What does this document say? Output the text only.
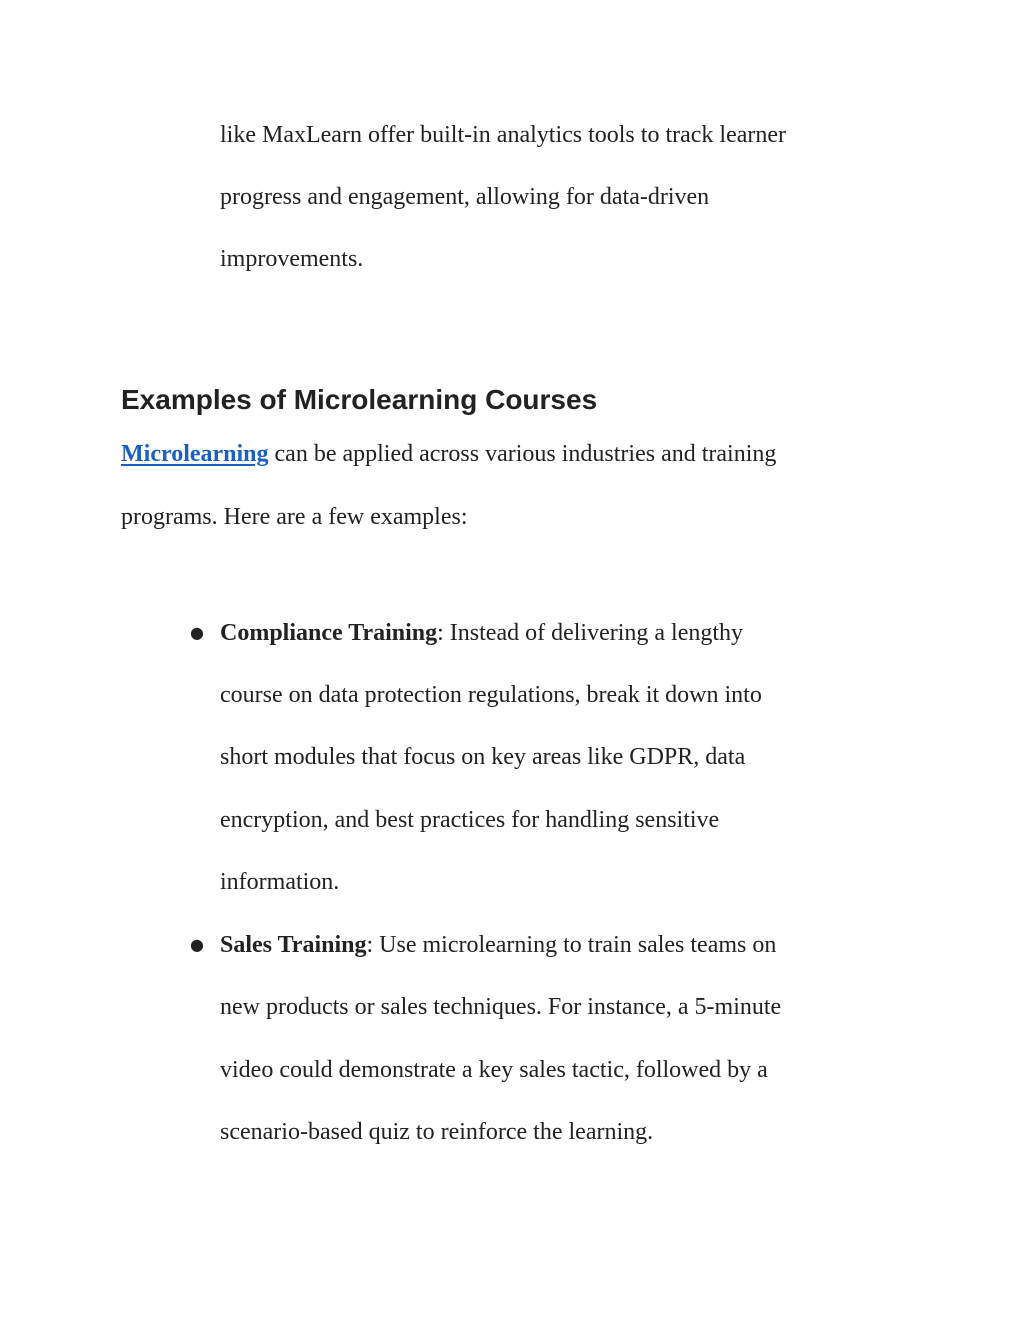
like MaxLearn offer built-in analytics tools to track learner
progress and engagement, allowing for data-driven
improvements.
Examples of Microlearning Courses
Microlearning can be applied across various industries and training
programs. Here are a few examples:
● Compliance Training: Instead of delivering a lengthy
course on data protection regulations, break it down into
short modules that focus on key areas like GDPR, data
encryption, and best practices for handling sensitive
information.
● Sales Training: Use microlearning to train sales teams on
new products or sales techniques. For instance, a 5-minute
video could demonstrate a key sales tactic, followed by a
scenario-based quiz to reinforce the learning.
